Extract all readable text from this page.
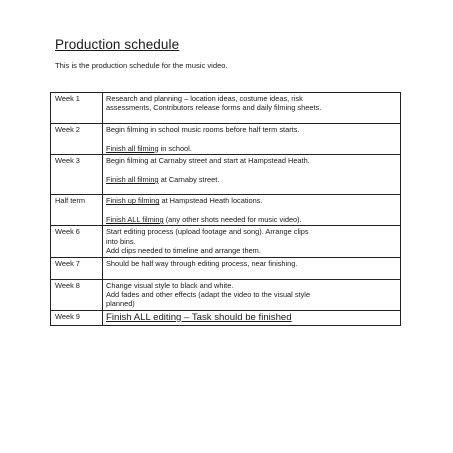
Production schedule
This is the production schedule for the music video.
Week 1	Research and planning – location ideas, costume ideas, risk
assessments, Contributors release forms and daily filming sheets.

Week 2	Begin filming in school music rooms before half term starts.
Finish all filming in school.

Week 3	Begin filming at Carnaby street and start at Hampstead Heath.
Finish all filming at Carnaby street.

Half term	Finish up filming at Hampstead Heath locations.
Finish ALL filming (any other shots needed for music video).

Week 6	Start editing process (upload footage and song). Arrange clips
into bins.
Add clips needed to timeline and arrange them.

Week 7	Should be half way through editing process, near finishing.

Week 8	Change visual style to black and white.
Add fades and other effects (adapt the video to the visual style
planned)

Week 9	Finish ALL editing – Task should be finished
